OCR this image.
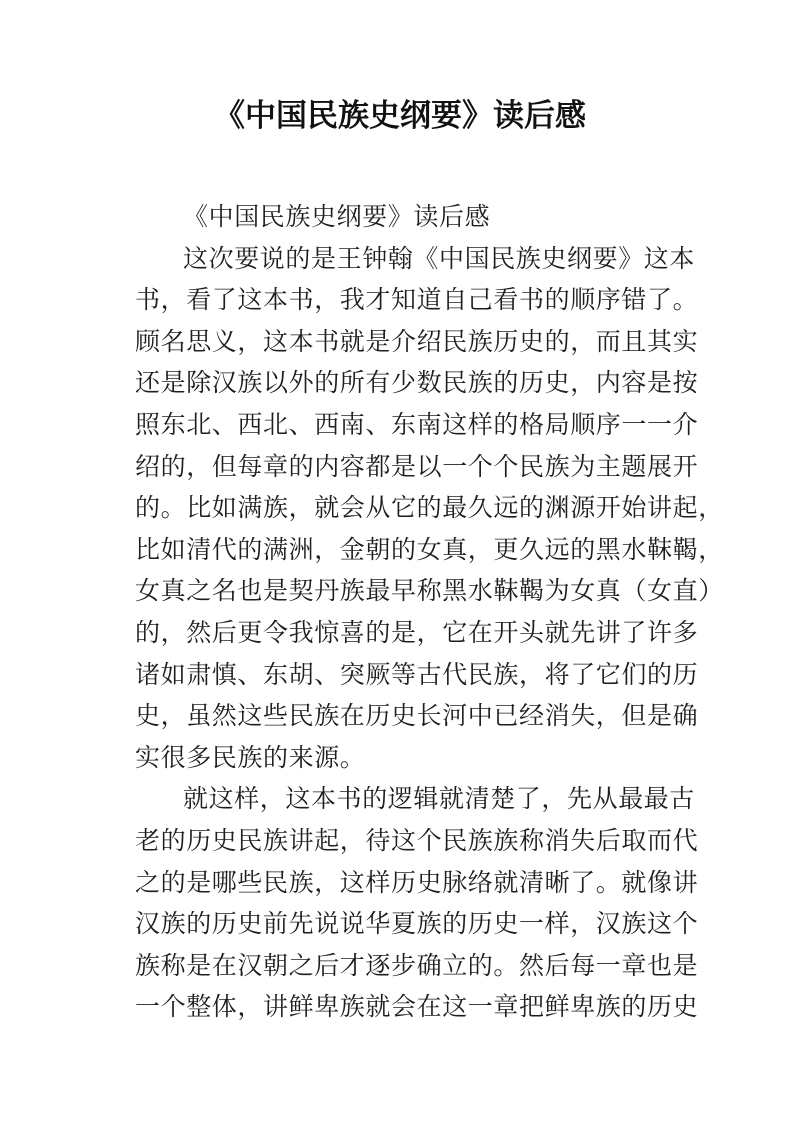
《中国民族史纲要》读后感
《中国民族史纲要》读后感
这次要说的是王钟翰《中国民族史纲要》这本
书，看了这本书，我才知道自己看书的顺序错了。
顾名思义，这本书就是介绍民族历史的，而且其实
还是除汉族以外的所有少数民族的历史，内容是按
照东北、西北、西南、东南这样的格局顺序一一介
绍的，但每章的内容都是以一个个民族为主题展开
的。比如满族，就会从它的最久远的渊源开始讲起，
比如清代的满洲，金朝的女真，更久远的黑水靺鞨，
女真之名也是契丹族最早称黑水靺鞨为女真（女直）
的，然后更令我惊喜的是，它在开头就先讲了许多
诸如肃慎、东胡、突厥等古代民族，将了它们的历
史，虽然这些民族在历史长河中已经消失，但是确
实很多民族的来源。
就这样，这本书的逻辑就清楚了，先从最最古
老的历史民族讲起，待这个民族族称消失后取而代
之的是哪些民族，这样历史脉络就清晰了。就像讲
汉族的历史前先说说华夏族的历史一样，汉族这个
族称是在汉朝之后才逐步确立的。然后每一章也是
一个整体，讲鲜卑族就会在这一章把鲜卑族的历史
